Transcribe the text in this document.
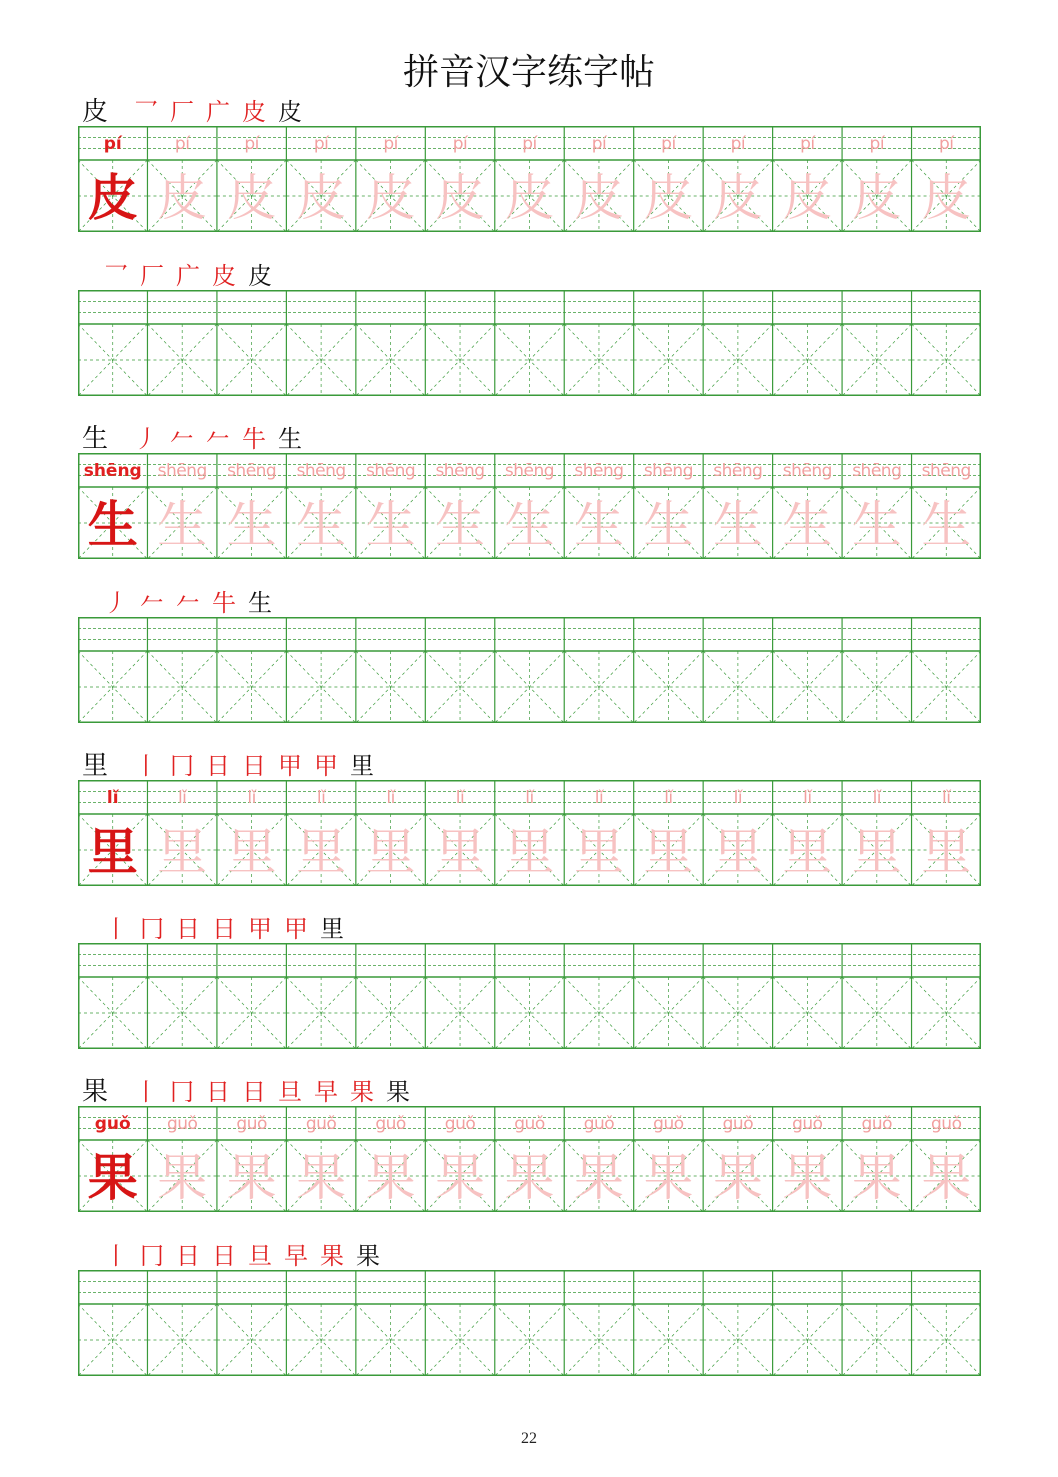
拼音汉字练字帖
皮 乛 厂 广 皮 皮
pí
皮
pí
皮
pí
皮
pí
皮
pí
皮
pí
皮
pí
皮
pí
皮
pí
皮
pí
皮
pí
皮
pí
皮
pí
皮
乛 厂 广 皮 皮
生 丿 𠂉 𠂉 牛 生
shēng
生
shēng
生
shēng
生
shēng
生
shēng
生
shēng
生
shēng
生
shēng
生
shēng
生
shēng
生
shēng
生
shēng
生
shēng
生
丿 𠂉 𠂉 牛 生
里 丨 冂 日 日 甲 甲 里
lǐ
里
lǐ
里
lǐ
里
lǐ
里
lǐ
里
lǐ
里
lǐ
里
lǐ
里
lǐ
里
lǐ
里
lǐ
里
lǐ
里
lǐ
里
丨 冂 日 日 甲 甲 里
果 丨 冂 日 日 旦 早 果 果
guǒ
果
guǒ
果
guǒ
果
guǒ
果
guǒ
果
guǒ
果
guǒ
果
guǒ
果
guǒ
果
guǒ
果
guǒ
果
guǒ
果
guǒ
果
丨 冂 日 日 旦 早 果 果
22
